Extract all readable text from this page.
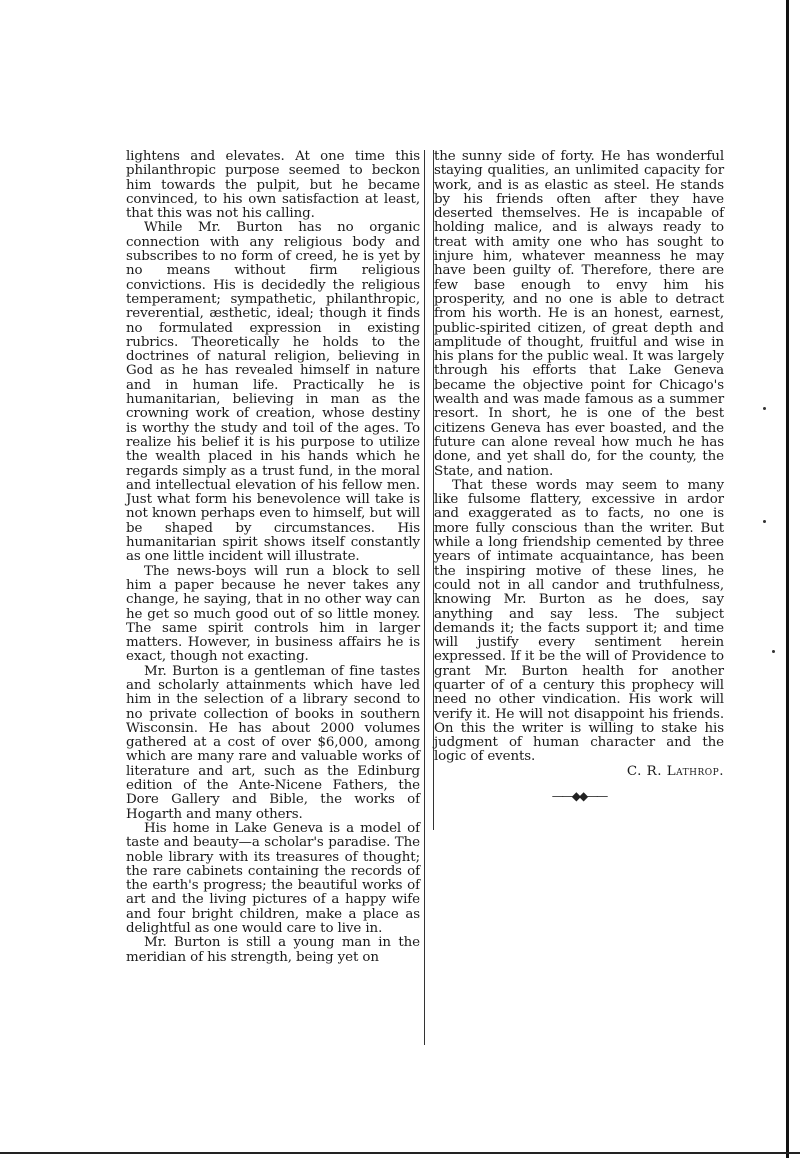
lightens and elevates. At one time this philanthropic purpose seemed to beckon him towards the pulpit, but he became convinced, to his own satisfaction at least, that this was not his calling.

While Mr. Burton has no organic connection with any religious body and subscribes to no form of creed, he is yet by no means without firm religious convictions. His is decidedly the religious temperament; sympathetic, philanthropic, reverential, æsthetic, ideal; though it finds no formulated expression in existing rubrics. Theoretically he holds to the doctrines of natural religion, believing in God as he has revealed himself in nature and in human life. Practically he is humanitarian, believing in man as the crowning work of creation, whose destiny is worthy the study and toil of the ages. To realize his belief it is his purpose to utilize the wealth placed in his hands which he regards simply as a trust fund, in the moral and intellectual elevation of his fellow men. Just what form his benevolence will take is not known perhaps even to himself, but will be shaped by circumstances. His humanitarian spirit shows itself constantly as one little incident will illustrate.

The news-boys will run a block to sell him a paper because he never takes any change, he saying, that in no other way can he get so much good out of so little money. The same spirit controls him in larger matters. However, in business affairs he is exact, though not exacting.

Mr. Burton is a gentleman of fine tastes and scholarly attainments which have led him in the selection of a library second to no private collection of books in southern Wisconsin. He has about 2000 volumes gathered at a cost of over $6,000, among which are many rare and valuable works of literature and art, such as the Edinburg edition of the Ante-Nicene Fathers, the Dore Gallery and Bible, the works of Hogarth and many others.

His home in Lake Geneva is a model of taste and beauty—a scholar's paradise. The noble library with its treasures of thought; the rare cabinets containing the records of the earth's progress; the beautiful works of art and the living pictures of a happy wife and four bright children, make a place as delightful as one would care to live in.

Mr. Burton is still a young man in the meridian of his strength, being yet on

the sunny side of forty. He has wonderful staying qualities, an unlimited capacity for work, and is as elastic as steel. He stands by his friends often after they have deserted themselves. He is incapable of holding malice, and is always ready to treat with amity one who has sought to injure him, whatever meanness he may have been guilty of. Therefore, there are few base enough to envy him his prosperity, and no one is able to detract from his worth. He is an honest, earnest, public-spirited citizen, of great depth and amplitude of thought, fruitful and wise in his plans for the public weal. It was largely through his efforts that Lake Geneva became the objective point for Chicago's wealth and was made famous as a summer resort. In short, he is one of the best citizens Geneva has ever boasted, and the future can alone reveal how much he has done, and yet shall do, for the county, the State, and nation.

That these words may seem to many like fulsome flattery, excessive in ardor and exaggerated as to facts, no one is more fully conscious than the writer. But while a long friendship cemented by three years of intimate acquaintance, has been the inspiring motive of these lines, he could not in all candor and truthfulness, knowing Mr. Burton as he does, say anything and say less. The subject demands it; the facts support it; and time will justify every sentiment herein expressed. If it be the will of Providence to grant Mr. Burton health for another quarter of of a century this prophecy will need no other vindication. His work will verify it. He will not disappoint his friends. On this the writer is willing to stake his judgment of human character and the logic of events.

C. R. Lathrop.

——◆◆——
